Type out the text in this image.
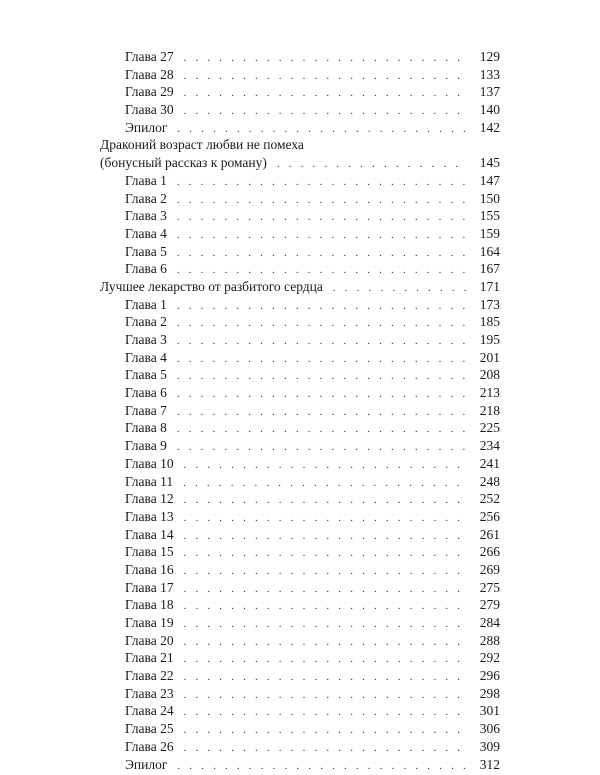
Глава 27 . . .	129
Глава 28 . . .	133
Глава 29 . . .	137
Глава 30 . . .	140
Эпилог . . .	142
Драконий возраст любви не помеха
(бонусный рассказ к роману) . . .	145
Глава 1 . . .	147
Глава 2 . . .	150
Глава 3 . . .	155
Глава 4 . . .	159
Глава 5 . . .	164
Глава 6 . . .	167
Лучшее лекарство от разбитого сердца . . .	171
Глава 1 . . .	173
Глава 2 . . .	185
Глава 3 . . .	195
Глава 4 . . .	201
Глава 5 . . .	208
Глава 6 . . .	213
Глава 7 . . .	218
Глава 8 . . .	225
Глава 9 . . .	234
Глава 10 . . .	241
Глава 11 . . .	248
Глава 12 . . .	252
Глава 13 . . .	256
Глава 14 . . .	261
Глава 15 . . .	266
Глава 16 . . .	269
Глава 17 . . .	275
Глава 18 . . .	279
Глава 19 . . .	284
Глава 20 . . .	288
Глава 21 . . .	292
Глава 22 . . .	296
Глава 23 . . .	298
Глава 24 . . .	301
Глава 25 . . .	306
Глава 26 . . .	309
Эпилог . . .	312
